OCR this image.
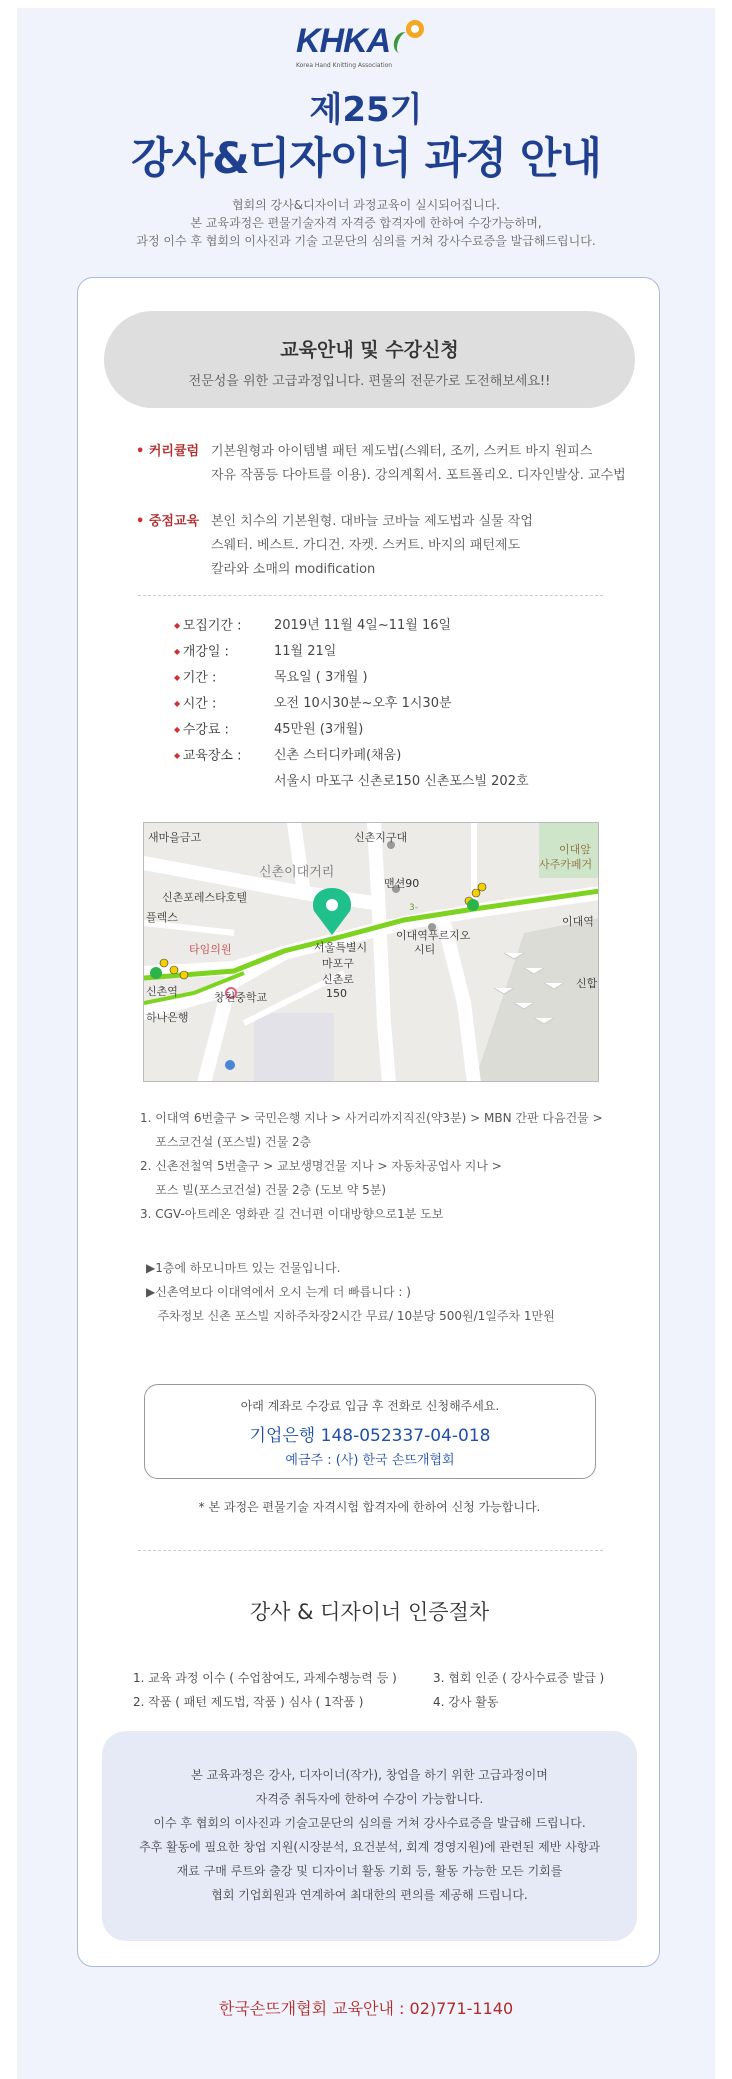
KHKA
Korea Hand Knitting Association
제25기
강사&디자이너 과정 안내
협회의 강사&디자이너 과정교육이 실시되어집니다.
본 교육과정은 편물기술자격 자격증 합격자에 한하여 수강가능하며,
과정 이수 후 협회의 이사진과 기술 고문단의 심의를 거쳐 강사수료증을 발급해드립니다.
교육안내 및 수강신청
전문성을 위한 고급과정입니다. 편물의 전문가로 도전해보세요!!
• 커리큘럼 기본원형과 아이템별 패턴 제도법(스웨터, 조끼, 스커트 바지 원피스
자유 작품등 다아트를 이용). 강의계획서. 포트폴리오. 디자인발상. 교수법
• 중점교육 본인 치수의 기본원형. 대바늘 코바늘 제도법과 실물 작업
스웨터. 베스트. 가디건. 자켓. 스커트. 바지의 패턴제도
칼라와 소매의 modification
◆ 모집기간 :	2019년 11월 4일~11월 16일
◆ 개강일 :	11월 21일
◆ 기간 :	목요일 ( 3개월 )
◆ 시간 :	오전 10시30분~오후 1시30분
◆ 수강료 :	45만원 (3개월)
◆ 교육장소 :	신촌 스터디카페(채움)
서울시 마포구 신촌로150 신촌포스빌 202호
새마을금고	신촌지구대
이대앞
사주카페거
신촌이대거리
맨션90
신촌포레스타호텔
플렉스	이대역
타임의원
이대역푸르지오
시티
서울특별시
마포구
신촌로
150
신촌역	창천중학교
하나은행
신합
3-
1. 이대역 6번출구 > 국민은행 지나 > 사거리까지직진(약3분) > MBN 간판 다음건물 >
포스코건설 (포스빌) 건물 2층
2. 신촌전철역 5번출구 > 교보생명건물 지나 > 자동차공업사 지나 >
포스 빌(포스코건설) 건물 2층 (도보 약 5분)
3. CGV-아트레온 영화관 길 건너편 이대방향으로1분 도보
▶1층에 하모니마트 있는 건물입니다.
▶신촌역보다 이대역에서 오시 는게 더 빠릅니다 : )
주차정보 신촌 포스빌 지하주차장2시간 무료/ 10분당 500원/1일주차 1만원
아래 계좌로 수강료 입금 후 전화로 신청해주세요.
기업은행 148-052337-04-018
예금주 : (사) 한국 손뜨개협회
* 본 과정은 편물기술 자격시험 합격자에 한하여 신청 가능합니다.
강사 & 디자이너 인증절차
1. 교육 과정 이수 ( 수업참여도, 과제수행능력 등 )
2. 작품 ( 패턴 제도법, 작품 ) 심사 ( 1작품 )
3. 협회 인준 ( 강사수료증 발급 )
4. 강사 활동
본 교육과정은 강사, 디자이너(작가), 창업을 하기 위한 고급과정이며
자격증 취득자에 한하여 수강이 가능합니다.
이수 후 협회의 이사진과 기술고문단의 심의를 거쳐 강사수료증을 발급해 드립니다.
추후 활동에 필요한 창업 지원(시장분석, 요건분석, 회계 경영지원)에 관련된 제반 사항과
재료 구매 루트와 출강 및 디자이너 활동 기회 등, 활동 가능한 모든 기회를
협회 기업회원과 연계하여 최대한의 편의를 제공해 드립니다.
한국손뜨개협회 교육안내 : 02)771-1140
